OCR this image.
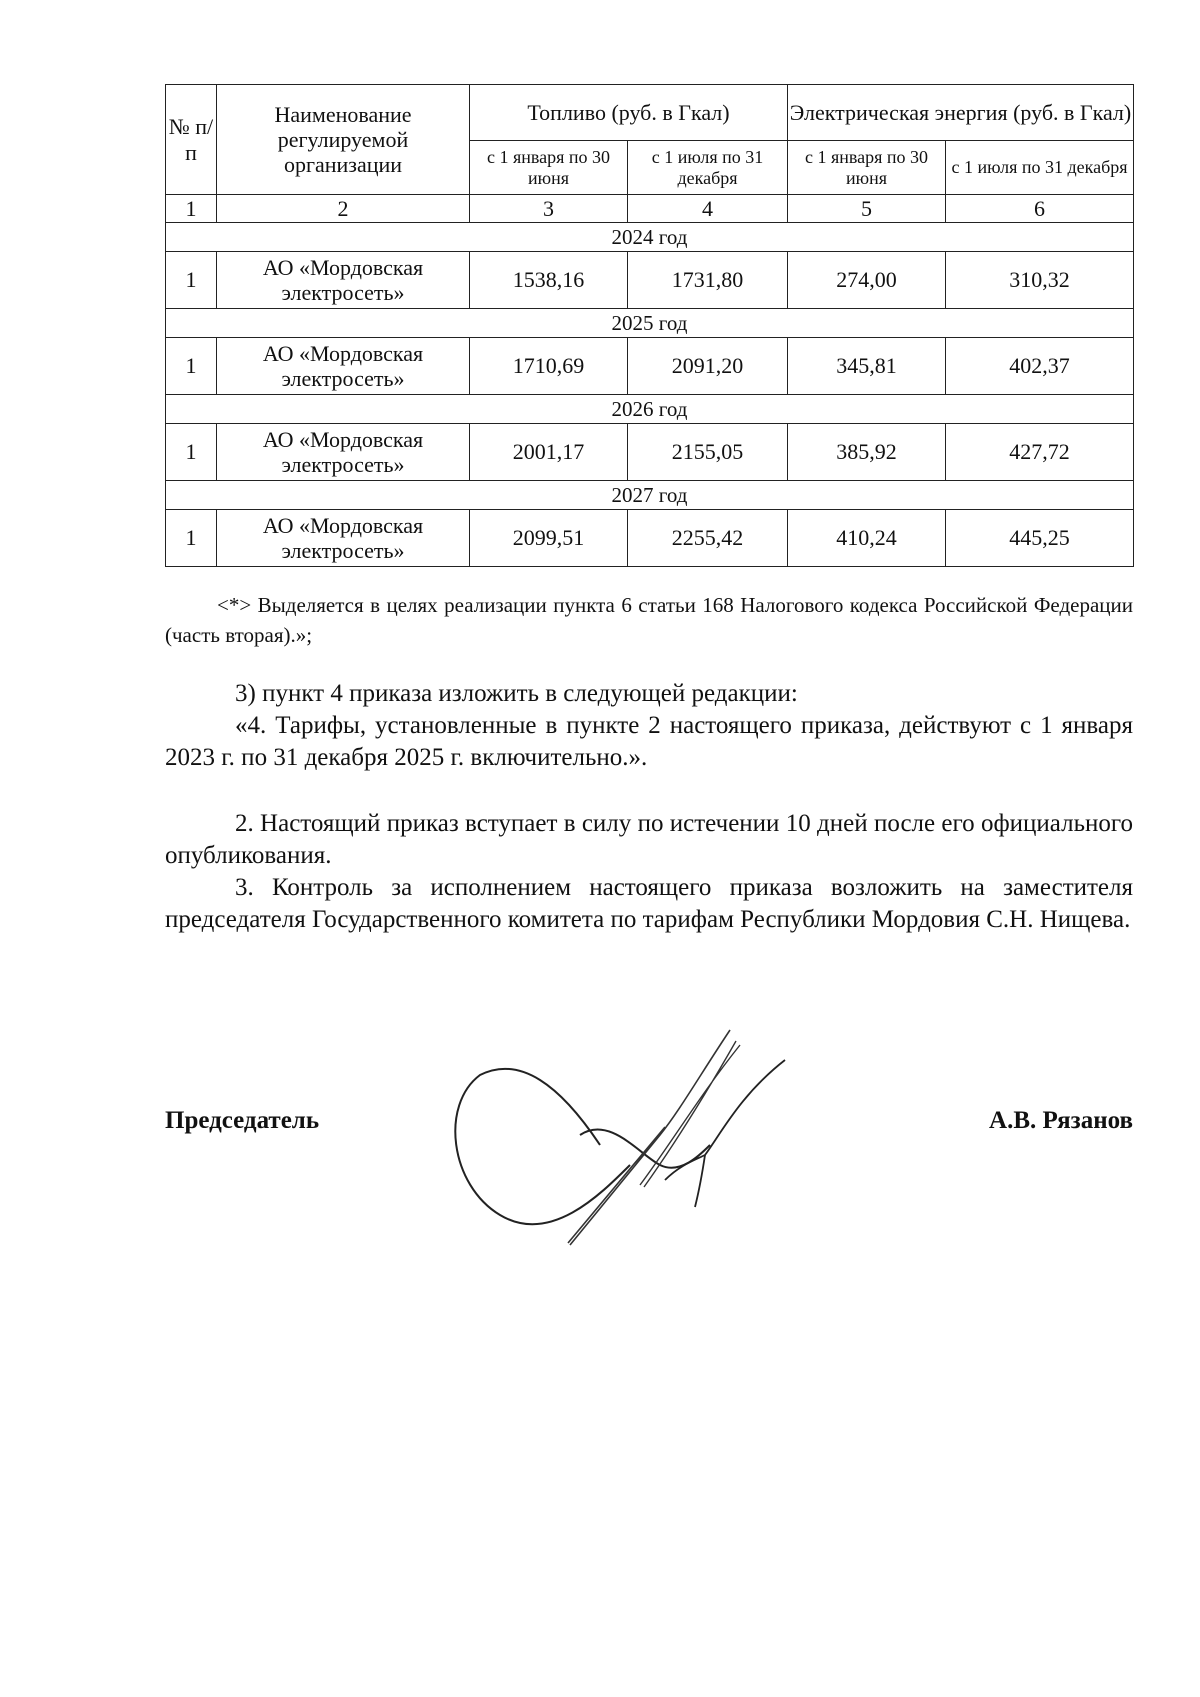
№ п/п	Наименование регулируемой организации	Топливо (руб. в Гкал)		Электрическая энергия (руб. в Гкал)	
		с 1 января по 30 июня	с 1 июля по 31 декабря	с 1 января по 30 июня	с 1 июля по 31 декабря
1	2	3	4	5	6
2024 год					
1	АО «Мордовская электросеть»	1538,16	1731,80	274,00	310,32
2025 год					
1	АО «Мордовская электросеть»	1710,69	2091,20	345,81	402,37
2026 год					
1	АО «Мордовская электросеть»	2001,17	2155,05	385,92	427,72
2027 год					
1	АО «Мордовская электросеть»	2099,51	2255,42	410,24	445,25

<*> Выделяется в целях реализации пункта 6 статьи 168 Налогового кодекса Российской Федерации (часть вторая).»;

3) пункт 4 приказа изложить в следующей редакции:

«4. Тарифы, установленные в пункте 2 настоящего приказа, действуют с 1 января 2023 г. по 31 декабря 2025 г. включительно.».

2. Настоящий приказ вступает в силу по истечении 10 дней после его официального опубликования.

3. Контроль за исполнением настоящего приказа возложить на заместителя председателя Государственного комитета по тарифам Республики Мордовия С.Н. Нищева.

Председатель	А.В. Рязанов
